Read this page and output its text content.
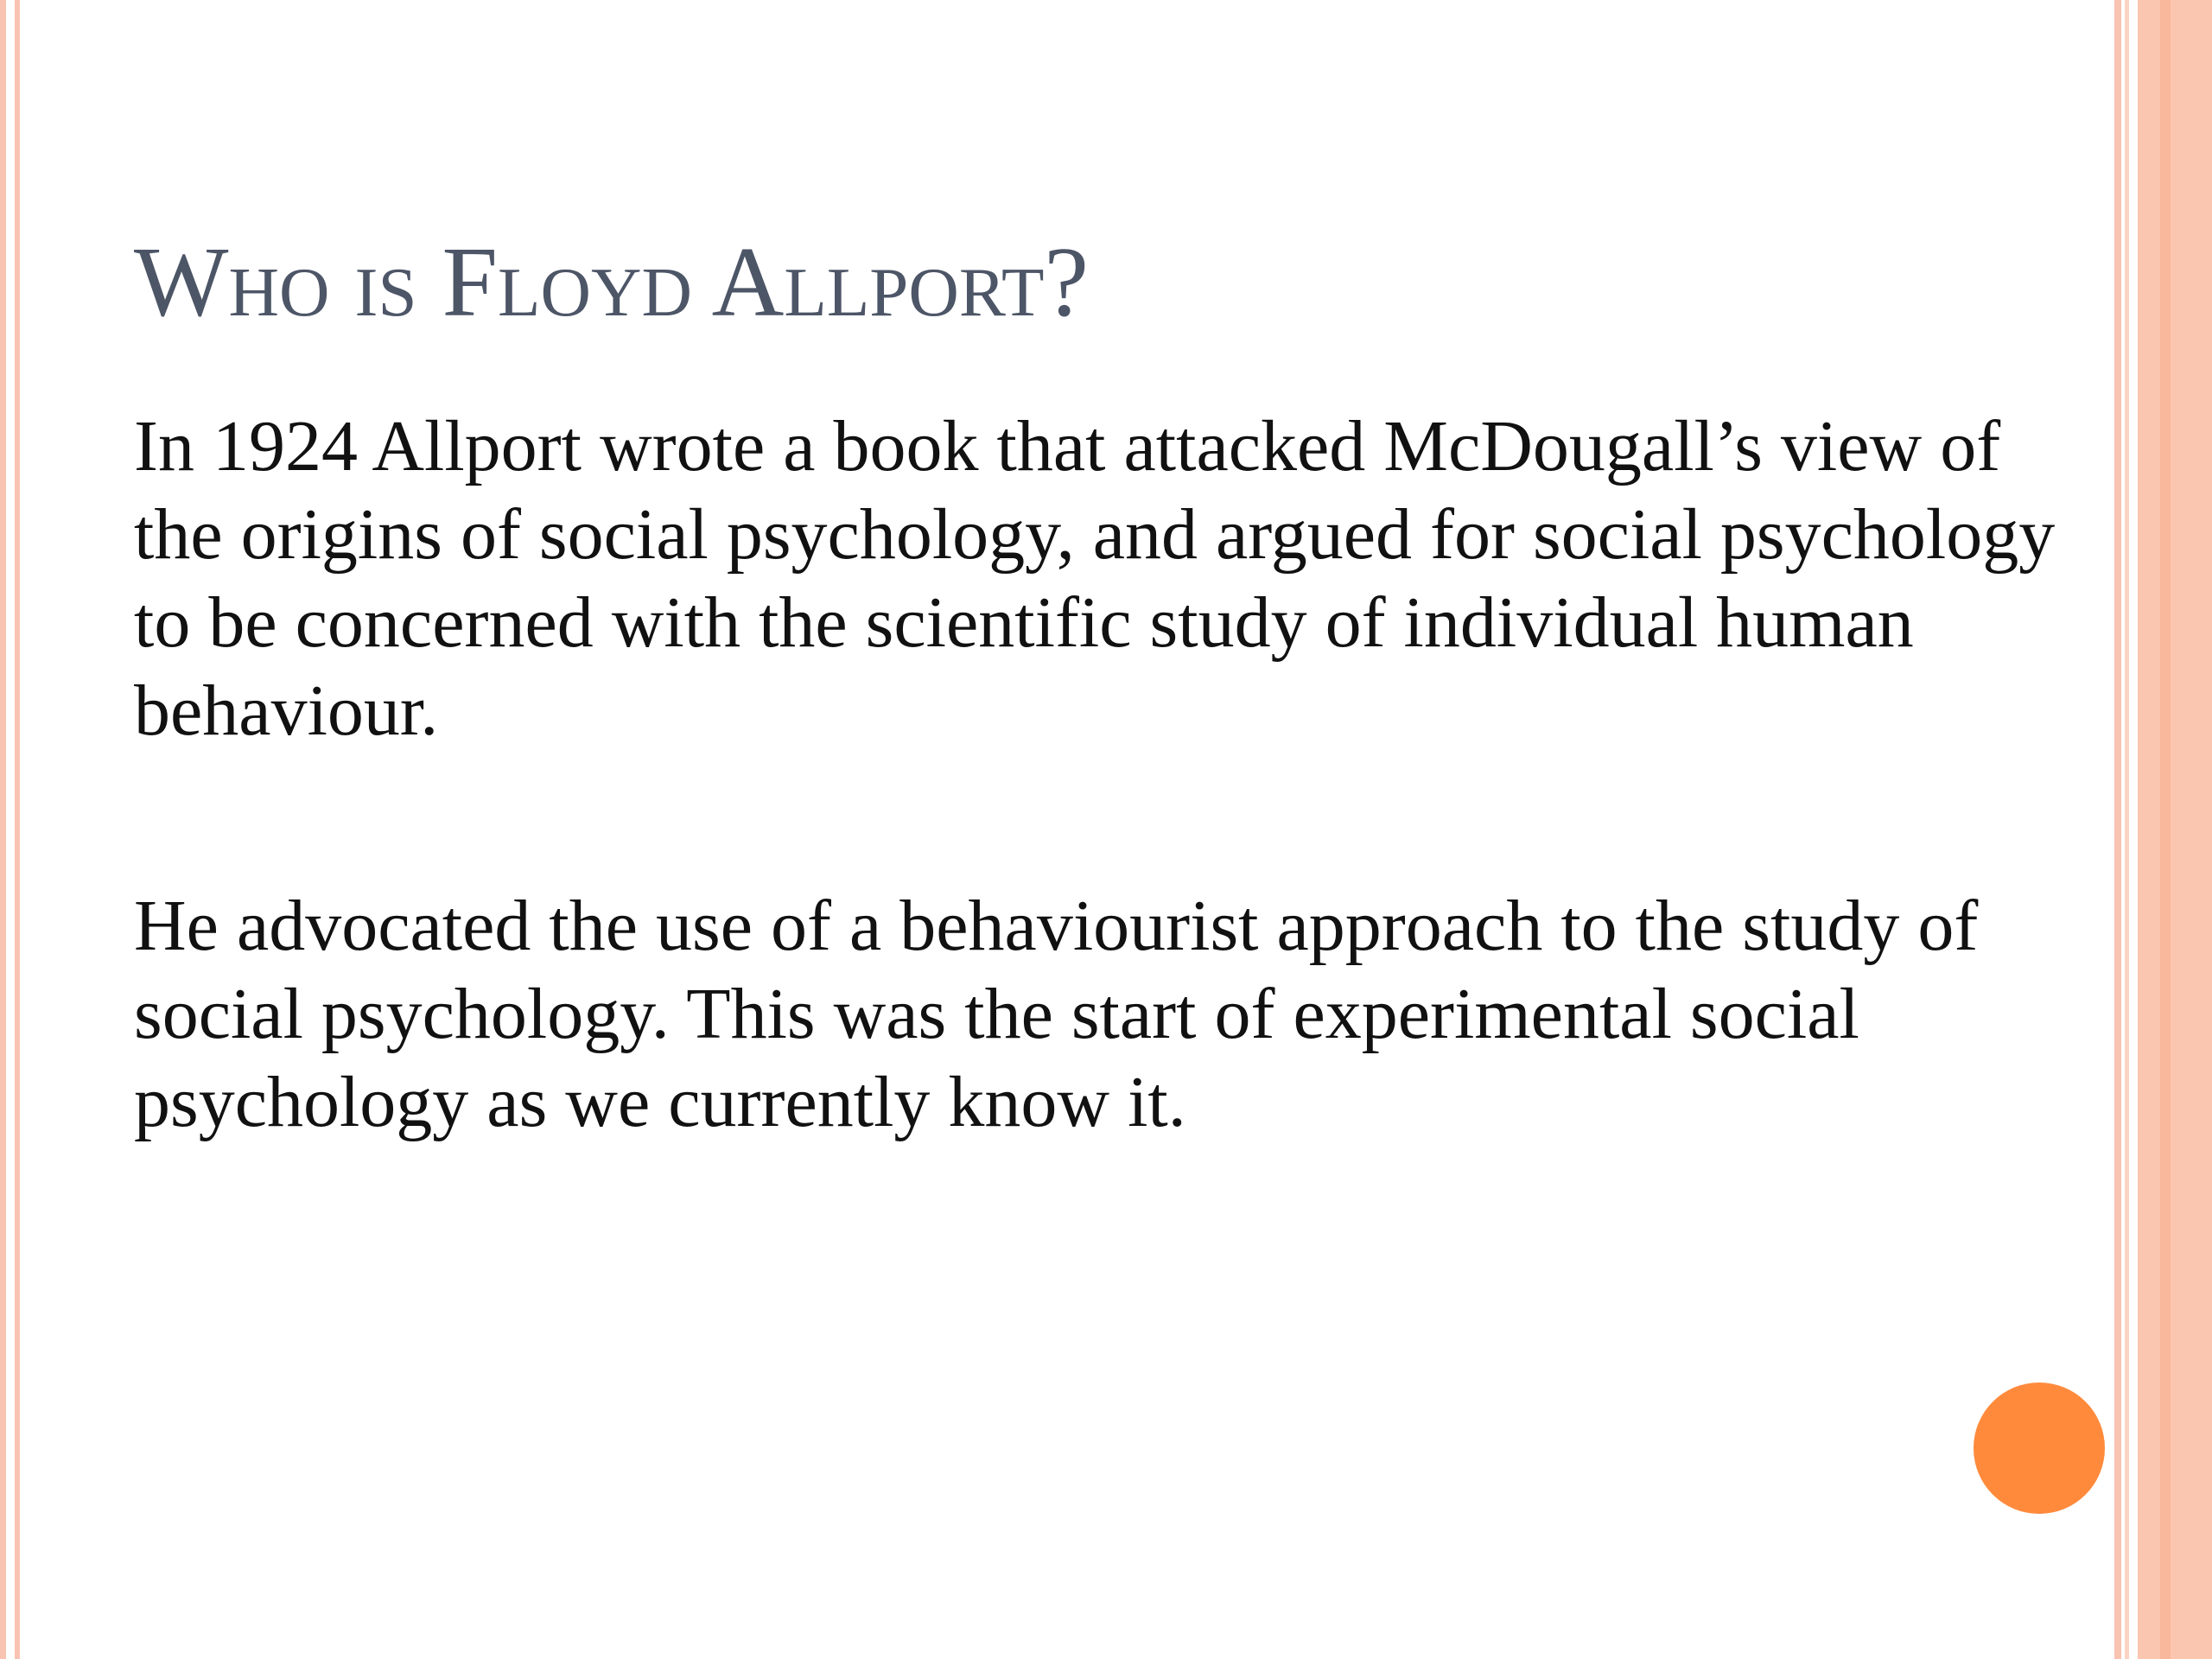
Who is Floyd Allport?

In 1924 Allport wrote a book that attacked McDougall’s view of the origins of social psychology, and argued for social psychology to be concerned with the scientific study of individual human behaviour.

He advocated the use of a behaviourist approach to the study of social psychology. This was the start of experimental social psychology as we currently know it.
